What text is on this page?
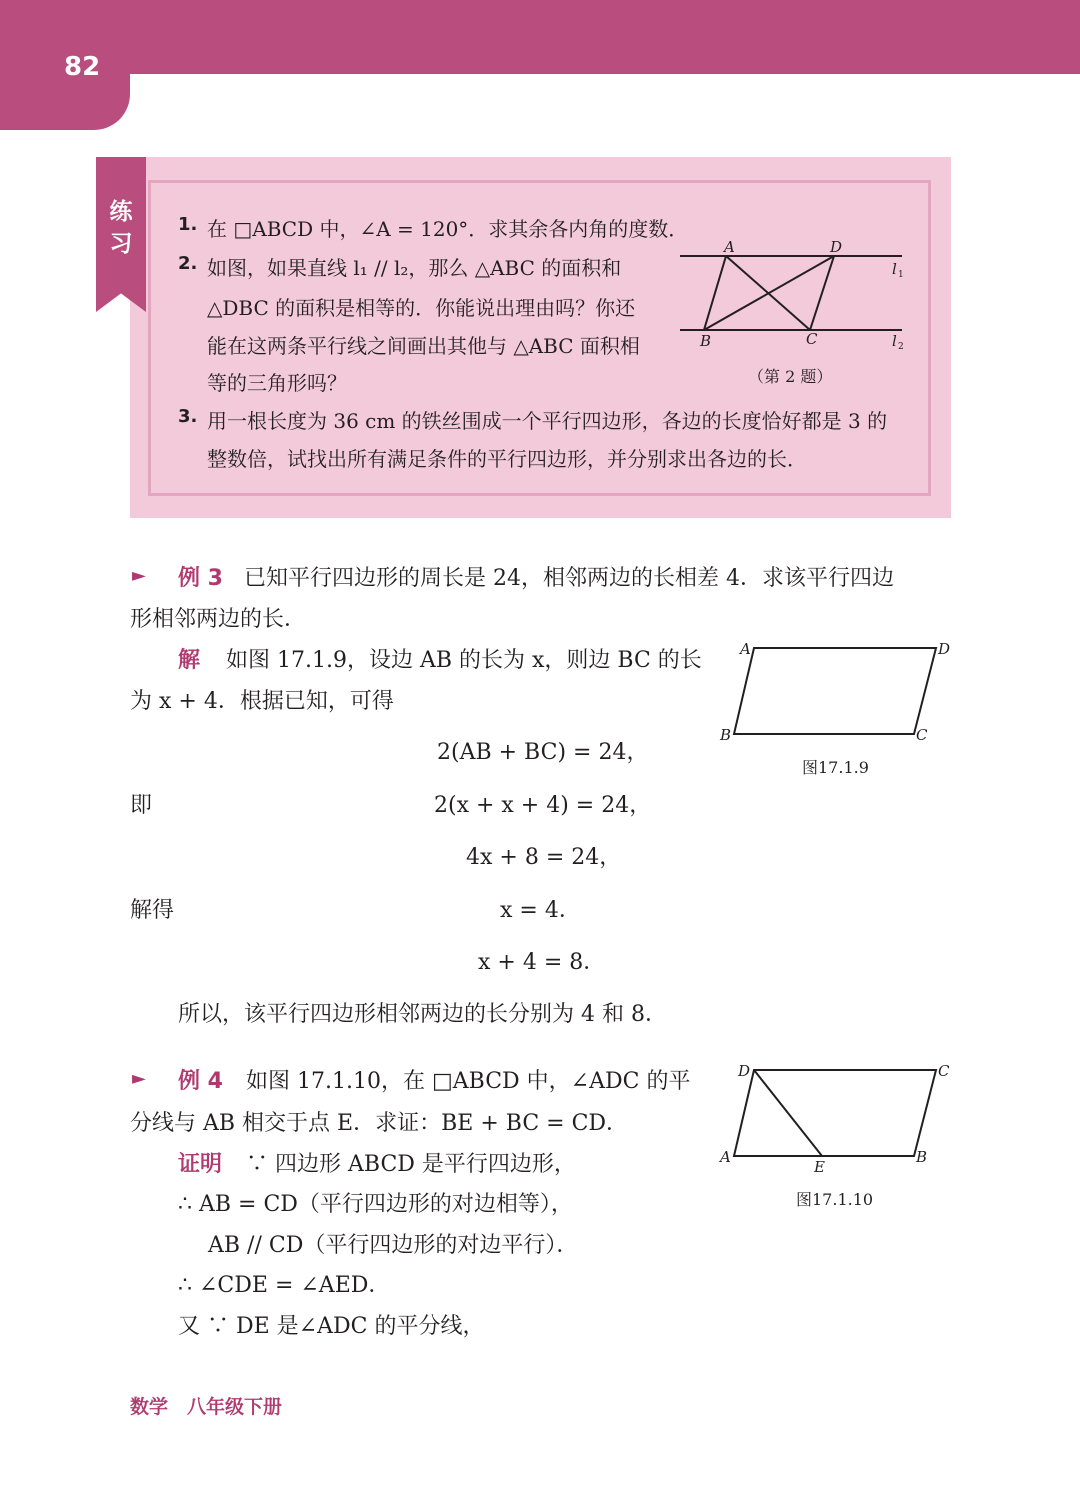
82
练
习
1. 在 □ABCD 中，∠A = 120°．求其余各内角的度数．
2. 如图，如果直线 l₁ // l₂，那么 △ABC 的面积和
△DBC 的面积是相等的．你能说出理由吗？你还
能在这两条平行线之间画出其他与 △ABC 面积相
等的三角形吗？
3. 用一根长度为 36 cm 的铁丝围成一个平行四边形，各边的长度恰好都是 3 的
整数倍，试找出所有满足条件的平行四边形，并分别求出各边的长．
A	D
B	C
l 1
l 2
（第 2 题）
► 例 3 已知平行四边形的周长是 24，相邻两边的长相差 4．求该平行四边
形相邻两边的长．
解 如图 17.1.9，设边 AB 的长为 x，则边 BC 的长
为 x + 4．根据已知，可得
2(AB + BC) = 24，
即	2(x + x + 4) = 24，
4x + 8 = 24，
解得	x = 4．
x + 4 = 8．
所以，该平行四边形相邻两边的长分别为 4 和 8．
A	D
B	C
图17.1.9
► 例 4 如图 17.1.10，在 □ABCD 中，∠ADC 的平
分线与 AB 相交于点 E．求证：BE + BC = CD．
证明 ∵ 四边形 ABCD 是平行四边形，
∴ AB = CD（平行四边形的对边相等），
AB // CD（平行四边形的对边平行）．
∴ ∠CDE = ∠AED．
又 ∵ DE 是∠ADC 的平分线，
D	C
A
E
B
图17.1.10
数学　八年级下册
